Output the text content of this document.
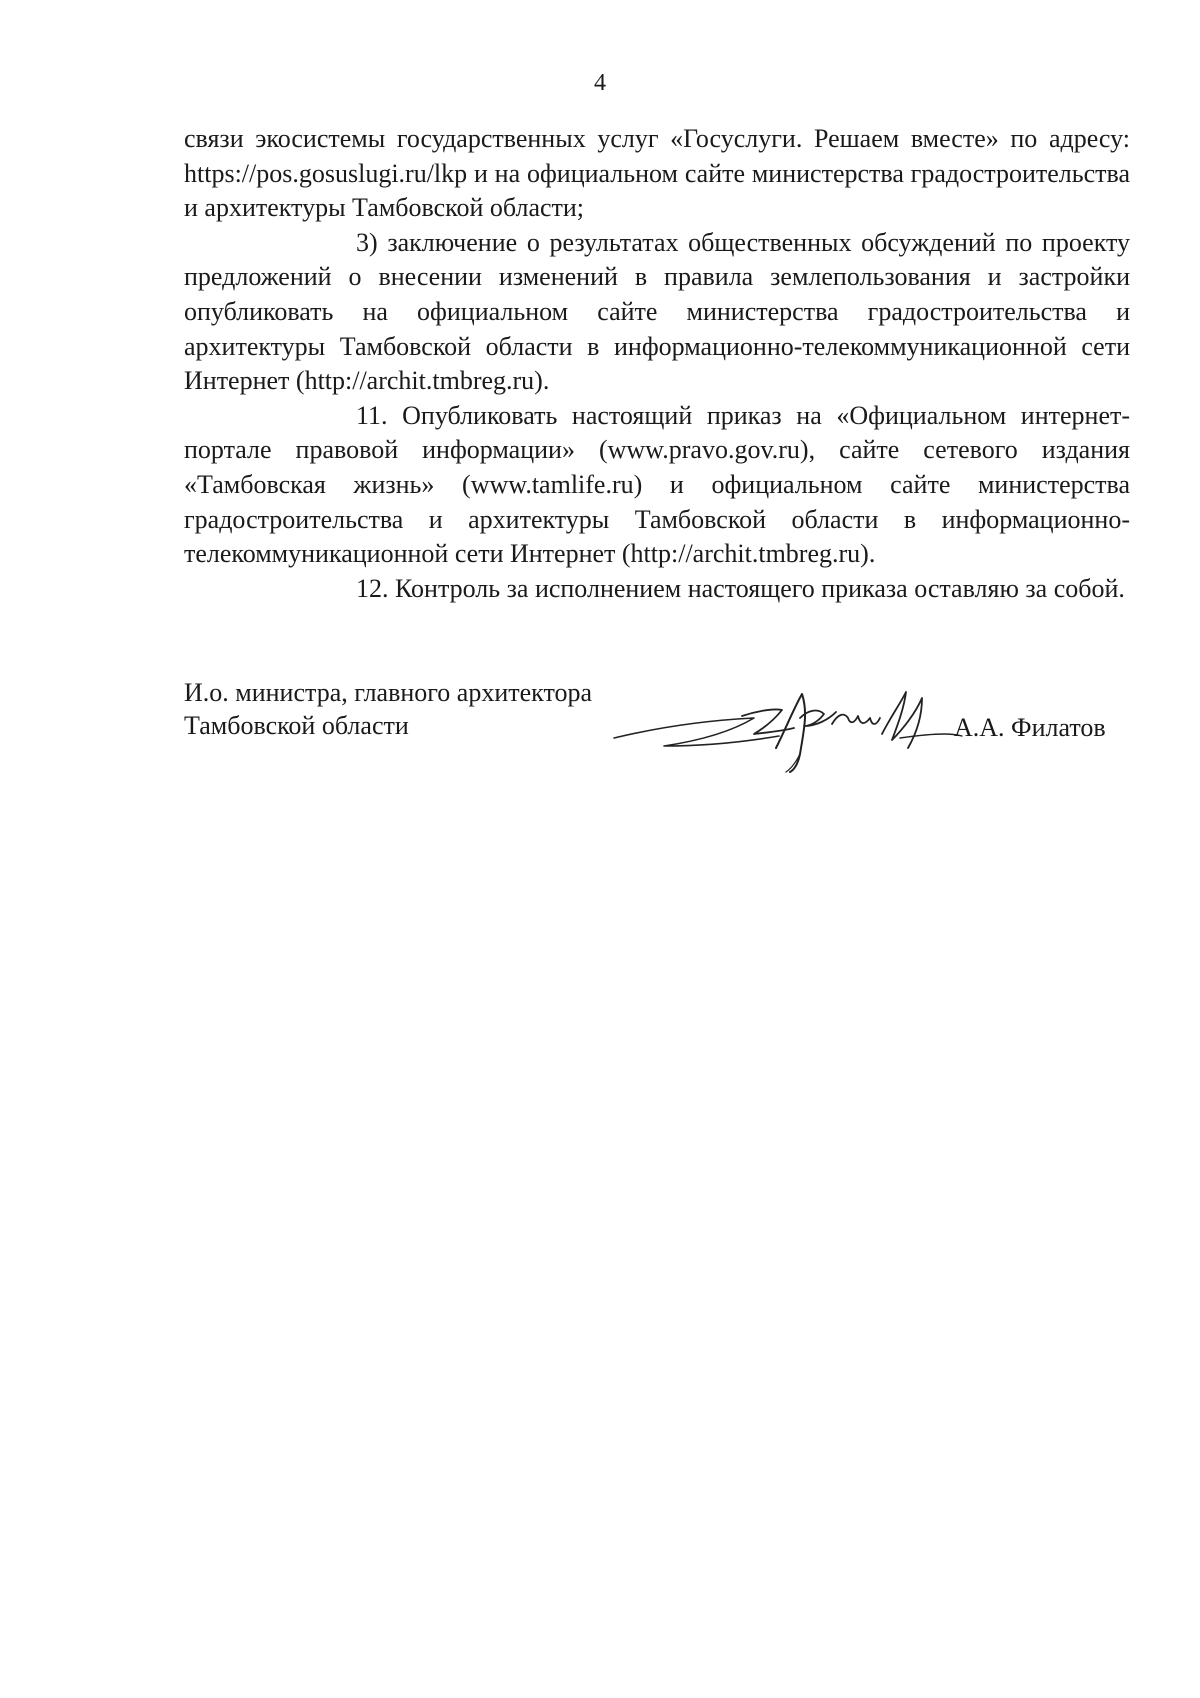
4

связи экосистемы государственных услуг «Госуслуги. Решаем вместе» по адресу: https://pos.gosuslugi.ru/lkp и на официальном сайте министерства градостроительства и архитектуры Тамбовской области;

3) заключение о результатах общественных обсуждений по проекту предложений о внесении изменений в правила землепользования и застройки опубликовать на официальном сайте министерства градостроительства и архитектуры Тамбовской области в информационно-телекоммуникационной сети Интернет (http://archit.tmbreg.ru).

11. Опубликовать настоящий приказ на «Официальном интернет-портале правовой информации» (www.pravo.gov.ru), сайте сетевого издания «Тамбовская жизнь» (www.tamlife.ru) и официальном сайте министерства градостроительства и архитектуры Тамбовской области в информационно-телекоммуникационной сети Интернет (http://archit.tmbreg.ru).

12. Контроль за исполнением настоящего приказа оставляю за собой.

И.о. министра, главного архитектора
Тамбовской области	А.А. Филатов
